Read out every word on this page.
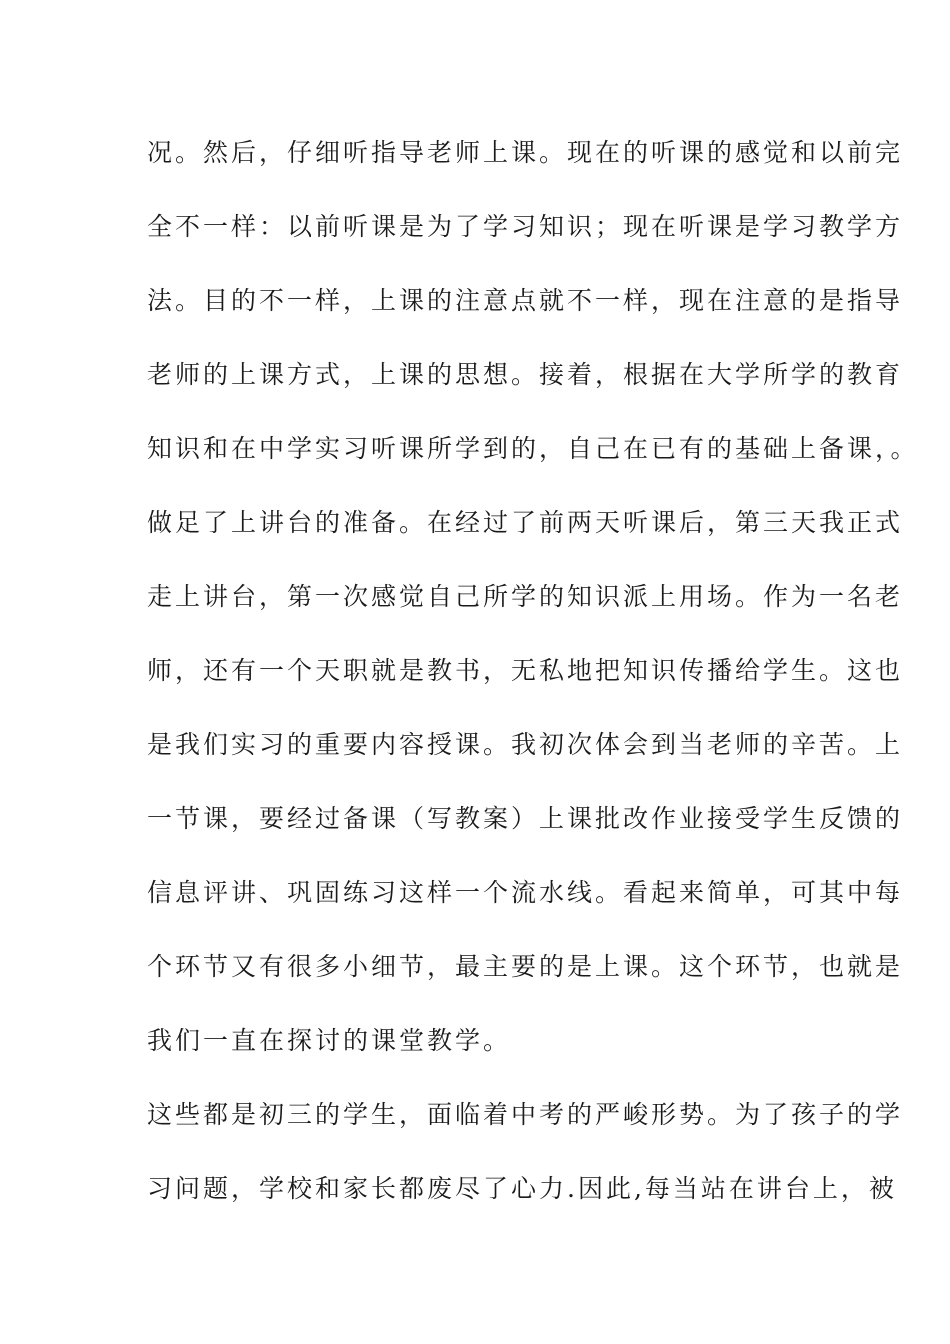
况。然后，仔细听指导老师上课。现在的听课的感觉和以前完
全不一样：以前听课是为了学习知识；现在听课是学习教学方
法。目的不一样，上课的注意点就不一样，现在注意的是指导
老师的上课方式，上课的思想。接着，根据在大学所学的教育
知识和在中学实习听课所学到的，自己在已有的基础上备课，。
做足了上讲台的准备。在经过了前两天听课后，第三天我正式
走上讲台，第一次感觉自己所学的知识派上用场。作为一名老
师，还有一个天职就是教书，无私地把知识传播给学生。这也
是我们实习的重要内容授课。我初次体会到当老师的辛苦。上
一节课，要经过备课（写教案）上课批改作业接受学生反馈的
信息评讲、巩固练习这样一个流水线。看起来简单，可其中每
个环节又有很多小细节，最主要的是上课。这个环节，也就是
我们一直在探讨的课堂教学。
这些都是初三的学生，面临着中考的严峻形势。为了孩子的学
习问题，学校和家长都废尽了心力.因此,每当站在讲台上，被
